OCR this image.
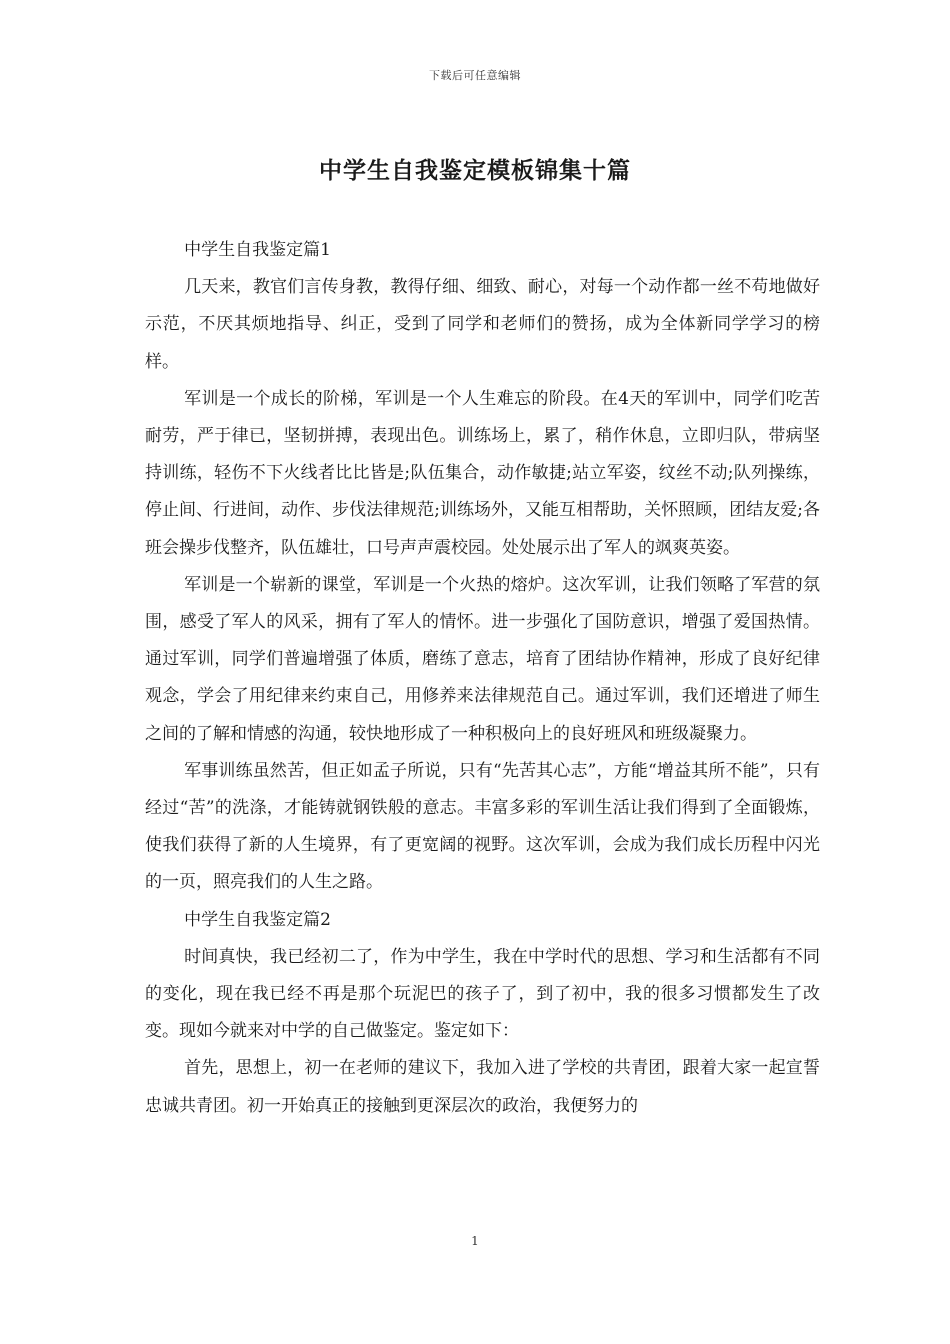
下载后可任意编辑
中学生自我鉴定模板锦集十篇

中学生自我鉴定篇1

几天来，教官们言传身教，教得仔细、细致、耐心，对每一个动作都一丝不苟地做好示范，不厌其烦地指导、纠正，受到了同学和老师们的赞扬，成为全体新同学学习的榜样。

军训是一个成长的阶梯，军训是一个人生难忘的阶段。在4天的军训中，同学们吃苦耐劳，严于律已，坚韧拼搏，表现出色。训练场上，累了，稍作休息，立即归队，带病坚持训练，轻伤不下火线者比比皆是;队伍集合，动作敏捷;站立军姿，纹丝不动;队列操练，停止间、行进间，动作、步伐法律规范;训练场外，又能互相帮助，关怀照顾，团结友爱;各班会操步伐整齐，队伍雄壮，口号声声震校园。处处展示出了军人的飒爽英姿。

军训是一个崭新的课堂，军训是一个火热的熔炉。这次军训，让我们领略了军营的氛围，感受了军人的风采，拥有了军人的情怀。进一步强化了国防意识，增强了爱国热情。通过军训，同学们普遍增强了体质，磨练了意志，培育了团结协作精神，形成了良好纪律观念，学会了用纪律来约束自己，用修养来法律规范自己。通过军训，我们还增进了师生之间的了解和情感的沟通，较快地形成了一种积极向上的良好班风和班级凝聚力。

军事训练虽然苦，但正如孟子所说，只有“先苦其心志”，方能“增益其所不能”，只有经过“苦”的洗涤，才能铸就钢铁般的意志。丰富多彩的军训生活让我们得到了全面锻炼，使我们获得了新的人生境界，有了更宽阔的视野。这次军训，会成为我们成长历程中闪光的一页，照亮我们的人生之路。

中学生自我鉴定篇2

时间真快，我已经初二了，作为中学生，我在中学时代的思想、学习和生活都有不同的变化，现在我已经不再是那个玩泥巴的孩子了，到了初中，我的很多习惯都发生了改变。现如今就来对中学的自己做鉴定。鉴定如下：

首先，思想上，初一在老师的建议下，我加入进了学校的共青团，跟着大家一起宣誓忠诚共青团。初一开始真正的接触到更深层次的政治，我便努力的

1
